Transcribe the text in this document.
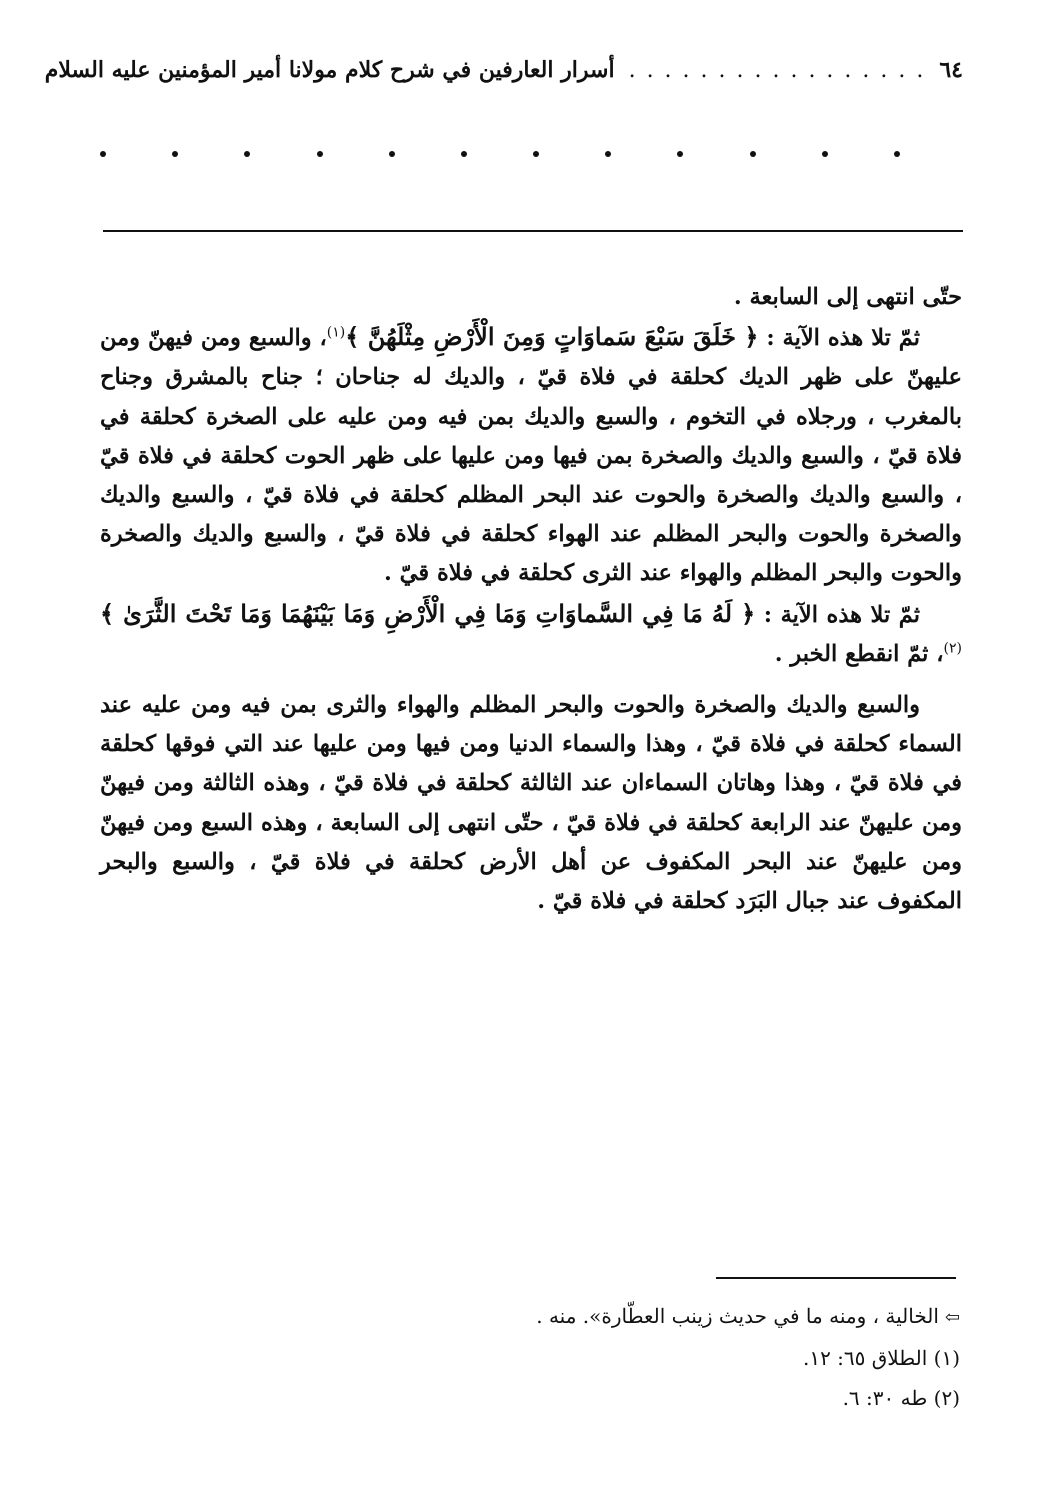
٦٤
. . . . . . . . . . . . . . . . .
أسرار العارفين في شرح كلام مولانا أمير المؤمنين عليه السلام

حتّى انتهى إلى السابعة .

ثمّ تلا هذه الآية : ﴿ خَلَقَ سَبْعَ سَماوَاتٍ وَمِنَ الْأَرْضِ مِثْلَهُنَّ ﴾$^{(١)}$، والسبع ومن فيهنّ ومن عليهنّ على ظهر الديك كحلقة في فلاة قيّ ، والديك له جناحان ؛ جناح بالمشرق وجناح بالمغرب ، ورجلاه في التخوم ، والسبع والديك بمن فيه ومن عليه على الصخرة كحلقة في فلاة قيّ ، والسبع والديك والصخرة بمن فيها ومن عليها على ظهر الحوت كحلقة في فلاة قيّ ، والسبع والديك والصخرة والحوت عند البحر المظلم كحلقة في فلاة قيّ ، والسبع والديك والصخرة والحوت والبحر المظلم عند الهواء كحلقة في فلاة قيّ ، والسبع والديك والصخرة والحوت والبحر المظلم والهواء عند الثرى كحلقة في فلاة قيّ .

ثمّ تلا هذه الآية : ﴿ لَهُ مَا فِي السَّماوَاتِ وَمَا فِي الْأَرْضِ وَمَا بَيْنَهُمَا وَمَا تَحْتَ الثَّرَىٰ ﴾$^{(٢)}$، ثمّ انقطع الخبر .

والسبع والديك والصخرة والحوت والبحر المظلم والهواء والثرى بمن فيه ومن عليه عند السماء كحلقة في فلاة قيّ ، وهذا والسماء الدنيا ومن فيها ومن عليها عند التي فوقها كحلقة في فلاة قيّ ، وهذا وهاتان السماءان عند الثالثة كحلقة في فلاة قيّ ، وهذه الثالثة ومن فيهنّ ومن عليهنّ عند الرابعة كحلقة في فلاة قيّ ، حتّى انتهى إلى السابعة ، وهذه السبع ومن فيهنّ ومن عليهنّ عند البحر المكفوف عن أهل الأرض كحلقة في فلاة قيّ ، والسبع والبحر المكفوف عند جبال البَرَد كحلقة في فلاة قيّ .

⇦الخالية ، ومنه ما في حديث زينب العطّارة». منه .

(١) الطلاق ٦٥: ١٢.

(٢) طه ٣٠: ٦.
